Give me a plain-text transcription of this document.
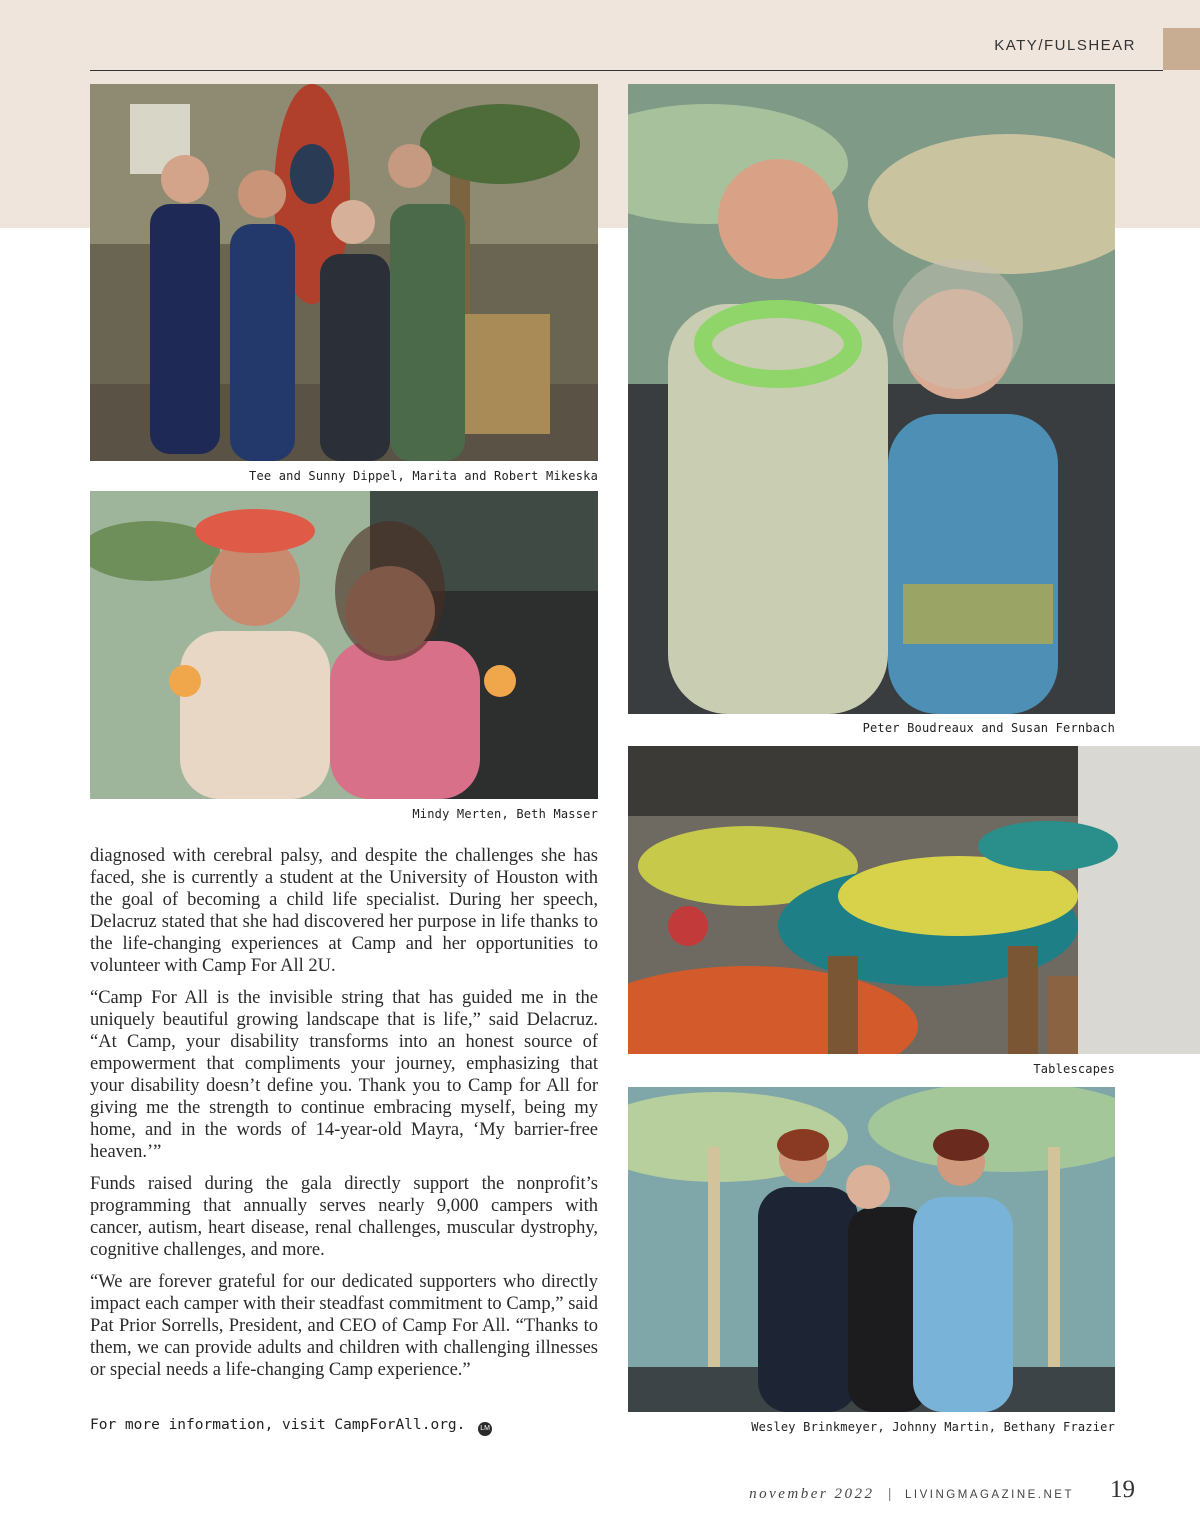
KATY/FULSHEAR
Tee and Sunny Dippel, Marita and Robert Mikeska
Mindy Merten, Beth Masser
Peter Boudreaux and Susan Fernbach
Tablescapes
Wesley Brinkmeyer, Johnny Martin, Bethany Frazier

diagnosed with cerebral palsy, and despite the challenges she has faced, she is currently a student at the University of Houston with the goal of becoming a child life specialist. During her speech, Delacruz stated that she had discovered her purpose in life thanks to the life-changing experiences at Camp and her opportunities to volunteer with Camp For All 2U.

“Camp For All is the invisible string that has guided me in the uniquely beautiful growing landscape that is life,” said Delacruz. “At Camp, your disability transforms into an honest source of empowerment that compliments your journey, emphasizing that your disability doesn’t define you. Thank you to Camp for All for giving me the strength to continue embracing myself, being my home, and in the words of 14-year-old Mayra, ‘My barrier-free heaven.’”

Funds raised during the gala directly support the nonprofit’s programming that annually serves nearly 9,000 campers with cancer, autism, heart disease, renal challenges, muscular dystrophy, cognitive challenges, and more.

“We are forever grateful for our dedicated supporters who directly impact each camper with their steadfast commitment to Camp,” said Pat Prior Sorrells, President, and CEO of Camp For All. “Thanks to them, we can provide adults and children with challenging illnesses or special needs a life-changing Camp experience.”

For more information, visit CampForAll.org. LM
november 2022 | LIVINGMAGAZINE.NET 19
